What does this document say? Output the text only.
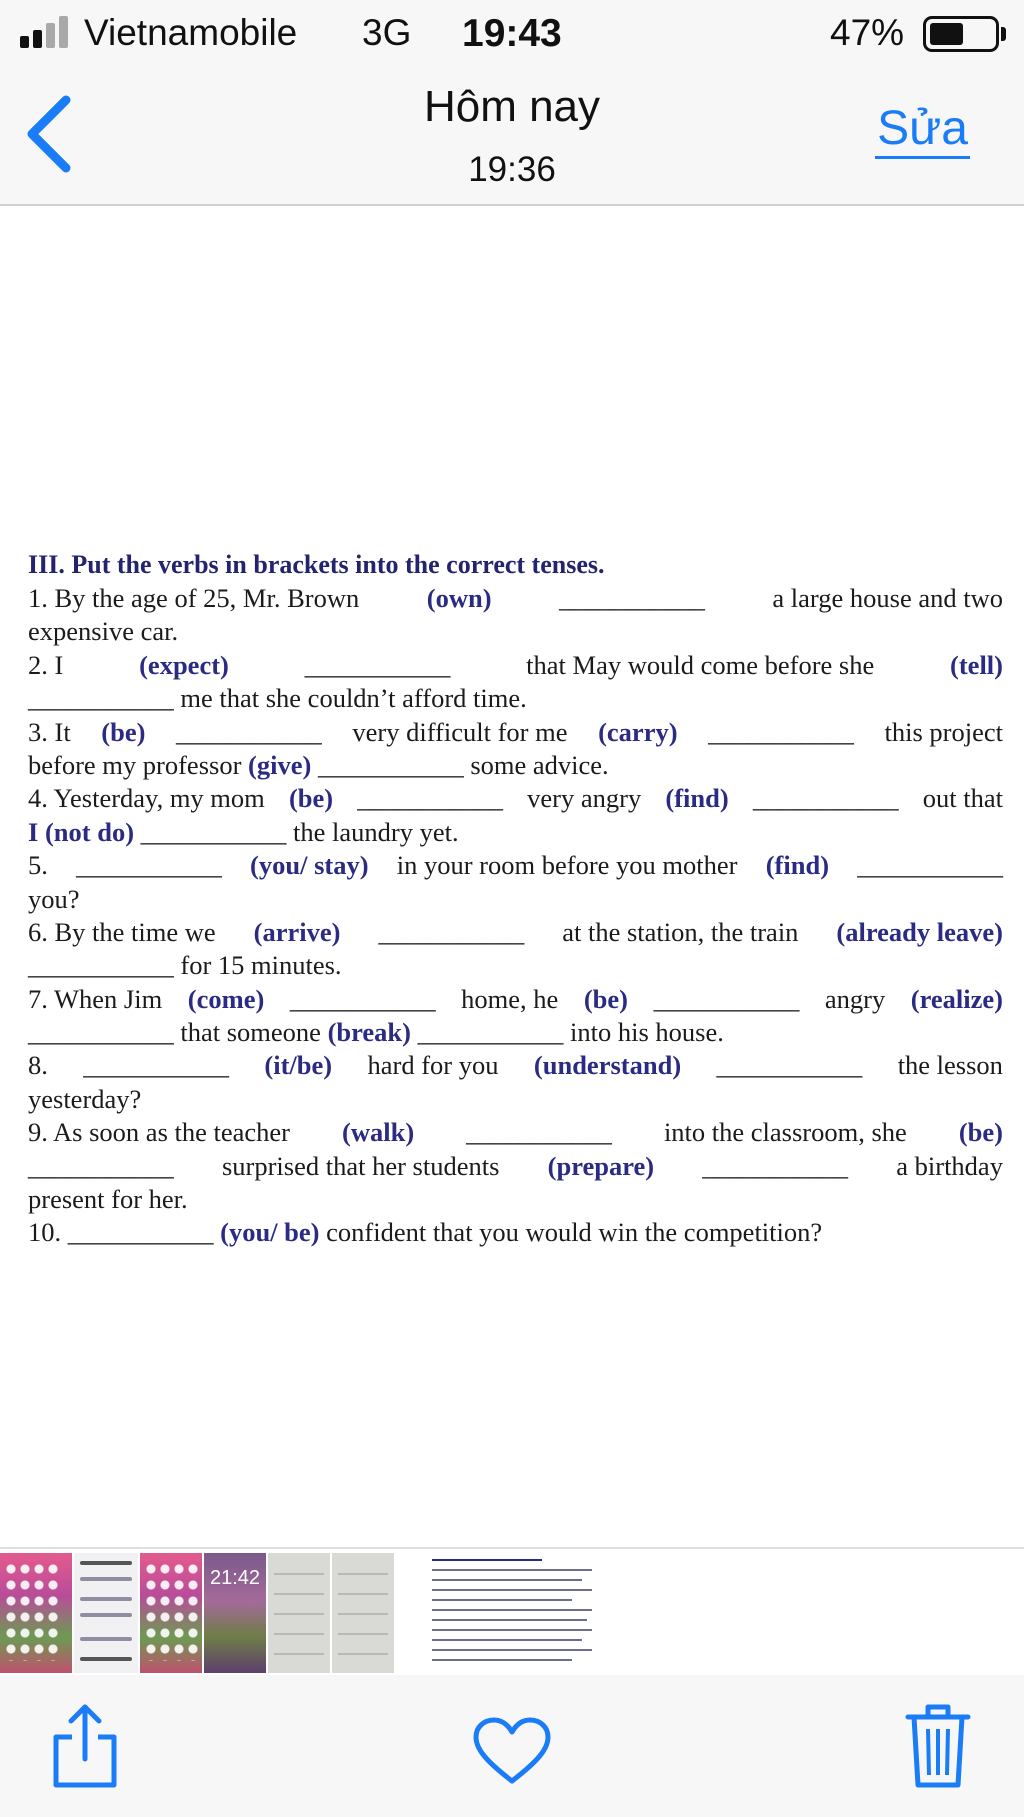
Vietnamobile 3G 19:43	47%
Hôm nay
19:36
Sửa
III. Put the verbs in brackets into the correct tenses.
1. By the age of 25, Mr. Brown	(own)	___________	a large house and two
expensive car.
2. I	(expect)	___________	that May would come before she	(tell)
___________ me that she couldn’t afford time.
3. It (be) ___________ very difficult for me (carry) ___________ this project
before my professor (give) ___________ some advice.
4. Yesterday, my mom (be) ___________ very angry (find) ___________ out that
I (not do) ___________ the laundry yet.
5. ___________ (you/ stay) in your room before you mother (find) ___________
you?
6. By the time we (arrive) ___________ at the station, the train (already leave)
___________ for 15 minutes.
7. When Jim (come) ___________ home, he (be) ___________ angry (realize)
___________ that someone (break) ___________ into his house.
8. ___________ (it/be) hard for you (understand) ___________ the lesson
yesterday?
9. As soon as the teacher (walk) ___________ into the classroom, she (be)
___________ surprised that her students (prepare) ___________ a birthday
present for her.
10. ___________ (you/ be) confident that you would win the competition?
21:42
